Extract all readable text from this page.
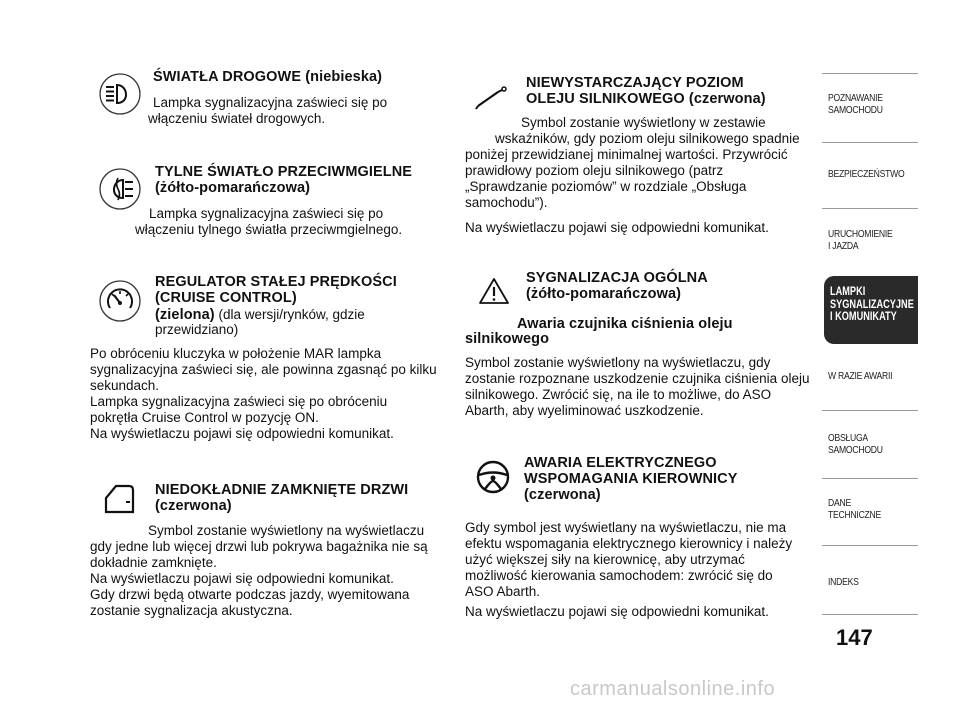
ŚWIATŁA DROGOWE (niebieska)
Lampka sygnalizacyjna zaświeci się po
włączeniu świateł drogowych.
TYLNE ŚWIATŁO PRZECIWMGIELNE
(żółto-pomarańczowa)
Lampka sygnalizacyjna zaświeci się po
włączeniu tylnego światła przeciwmgielnego.
REGULATOR STAŁEJ PRĘDKOŚCI
(CRUISE CONTROL)
(zielona) (dla wersji/rynków, gdzie
przewidziano)
Po obróceniu kluczyka w położenie MAR lampka
sygnalizacyjna zaświeci się, ale powinna zgasnąć po kilku
sekundach.
Lampka sygnalizacyjna zaświeci się po obróceniu
pokrętła Cruise Control w pozycję ON.
Na wyświetlaczu pojawi się odpowiedni komunikat.
NIEDOKŁADNIE ZAMKNIĘTE DRZWI
(czerwona)
Symbol zostanie wyświetlony na wyświetlaczu
gdy jedne lub więcej drzwi lub pokrywa bagażnika nie są
dokładnie zamknięte.
Na wyświetlaczu pojawi się odpowiedni komunikat.
Gdy drzwi będą otwarte podczas jazdy, wyemitowana
zostanie sygnalizacja akustyczna.
NIEWYSTARCZAJĄCY POZIOM
OLEJU SILNIKOWEGO (czerwona)
Symbol zostanie wyświetlony w zestawie
wskaźników, gdy poziom oleju silnikowego spadnie
poniżej przewidzianej minimalnej wartości. Przywrócić
prawidłowy poziom oleju silnikowego (patrz
„Sprawdzanie poziomów” w rozdziale „Obsługa
samochodu”).
Na wyświetlaczu pojawi się odpowiedni komunikat.
SYGNALIZACJA OGÓLNA
(żółto-pomarańczowa)
Awaria czujnika ciśnienia oleju
silnikowego
Symbol zostanie wyświetlony na wyświetlaczu, gdy
zostanie rozpoznane uszkodzenie czujnika ciśnienia oleju
silnikowego. Zwrócić się, na ile to możliwe, do ASO
Abarth, aby wyeliminować uszkodzenie.
AWARIA ELEKTRYCZNEGO
WSPOMAGANIA KIEROWNICY
(czerwona)
Gdy symbol jest wyświetlany na wyświetlaczu, nie ma
efektu wspomagania elektrycznego kierownicy i należy
użyć większej siły na kierownicę, aby utrzymać
możliwość kierowania samochodem: zwrócić się do
ASO Abarth.
Na wyświetlaczu pojawi się odpowiedni komunikat.
POZNAWANIE
SAMOCHODU
BEZPIECZEŃSTWO
URUCHOMIENIE
I JAZDA
LAMPKI
SYGNALIZACYJNE
I KOMUNIKATY
W RAZIE AWARII
OBSŁUGA
SAMOCHODU
DANE
TECHNICZNE
INDEKS
147
carmanualsonline.info
